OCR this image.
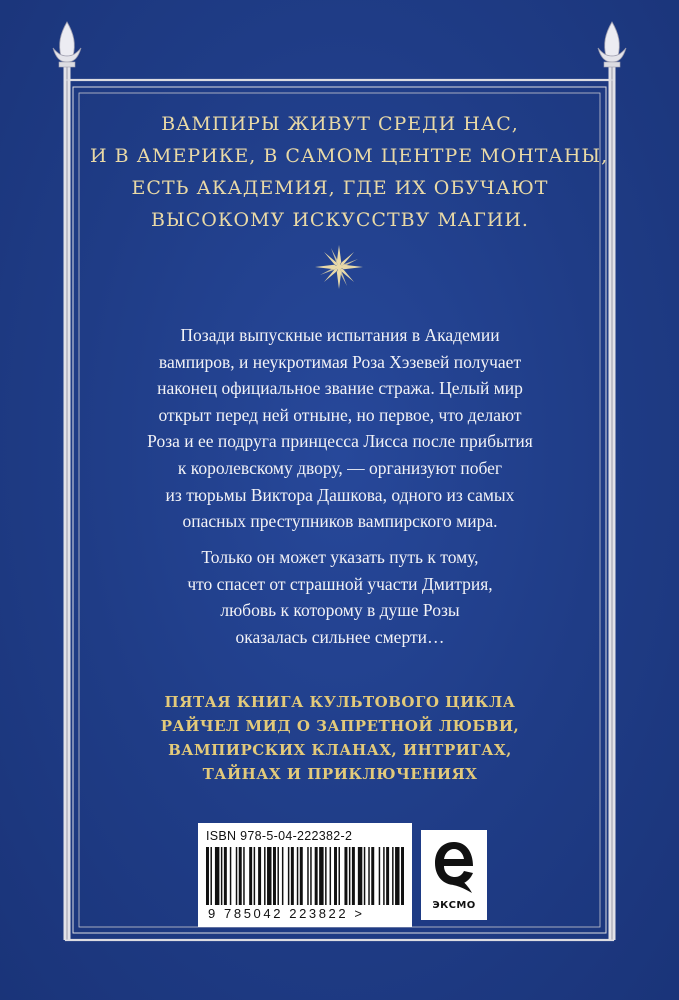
ВАМПИРЫ ЖИВУТ СРЕДИ НАС,
И В АМЕРИКЕ, В САМОМ ЦЕНТРЕ МОНТАНЫ,
ЕСТЬ АКАДЕМИЯ, ГДЕ ИХ ОБУЧАЮТ
ВЫСОКОМУ ИСКУССТВУ МАГИИ.
Позади выпускные испытания в Академии
вампиров, и неукротимая Роза Хэзевей получает
наконец официальное звание стража. Целый мир
открыт перед ней отныне, но первое, что делают
Роза и ее подруга принцесса Лисса после прибытия
к королевскому двору, — организуют побег
из тюрьмы Виктора Дашкова, одного из самых
опасных преступников вампирского мира.
Только он может указать путь к тому,
что спасет от страшной участи Дмитрия,
любовь к которому в душе Розы
оказалась сильнее смерти…
ПЯТАЯ КНИГА КУЛЬТОВОГО ЦИКЛА
РАЙЧЕЛ МИД О ЗАПРЕТНОЙ ЛЮБВИ,
ВАМПИРСКИХ КЛАНАХ, ИНТРИГАХ,
ТАЙНАХ И ПРИКЛЮЧЕНИЯХ
ISBN 978-5-04-222382-2
9 785042 223822 >
ЭКСМО
